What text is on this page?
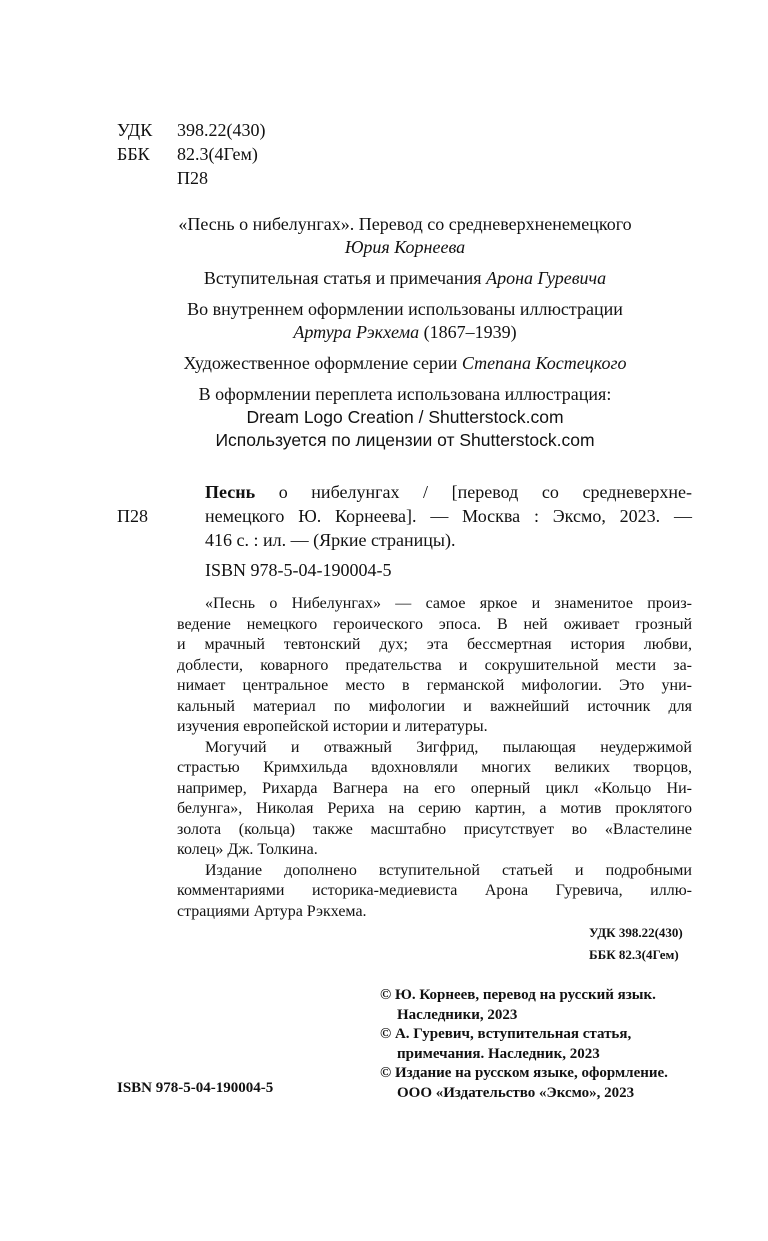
УДК 398.22(430)
ББК 82.3(4Гем)
П28

«Песнь о нибелунгах». Перевод со средневерхненемецкого
Юрия Корнеева

Вступительная статья и примечания Арона Гуревича

Во внутреннем оформлении использованы иллюстрации
Артура Рэкхема (1867–1939)

Художественное оформление серии Степана Костецкого

В оформлении переплета использована иллюстрация:
Dream Logo Creation / Shutterstock.com
Используется по лицензии от Shutterstock.com

П28
Песнь о нибелунгах / [перевод со средневерхне-
немецкого Ю. Корнеева]. — Москва : Эксмо, 2023. —
416 с. : ил. — (Яркие страницы).
ISBN 978-5-04-190004-5
«Песнь о Нибелунгах» — самое яркое и знаменитое произ-
ведение немецкого героического эпоса. В ней оживает грозный
и мрачный тевтонский дух; эта бессмертная история любви,
доблести, коварного предательства и сокрушительной мести за-
нимает центральное место в германской мифологии. Это уни-
кальный материал по мифологии и важнейший источник для
изучения европейской истории и литературы.
Могучий и отважный Зигфрид, пылающая неудержимой
страстью Кримхильда вдохновляли многих великих творцов,
например, Рихарда Вагнера на его оперный цикл «Кольцо Ни-
белунга», Николая Рериха на серию картин, а мотив проклятого
золота (кольца) также масштабно присутствует во «Властелине
колец» Дж. Толкина.
Издание дополнено вступительной статьей и подробными
комментариями историка-медиевиста Арона Гуревича, иллю-
страциями Артура Рэкхема.
УДК 398.22(430)
ББК 82.3(4Гем)
© Ю. Корнеев, перевод на русский язык.
Наследники, 2023
© А. Гуревич, вступительная статья,
примечания. Наследник, 2023
© Издание на русском языке, оформление.
ООО «Издательство «Эксмо», 2023
ISBN 978-5-04-190004-5
